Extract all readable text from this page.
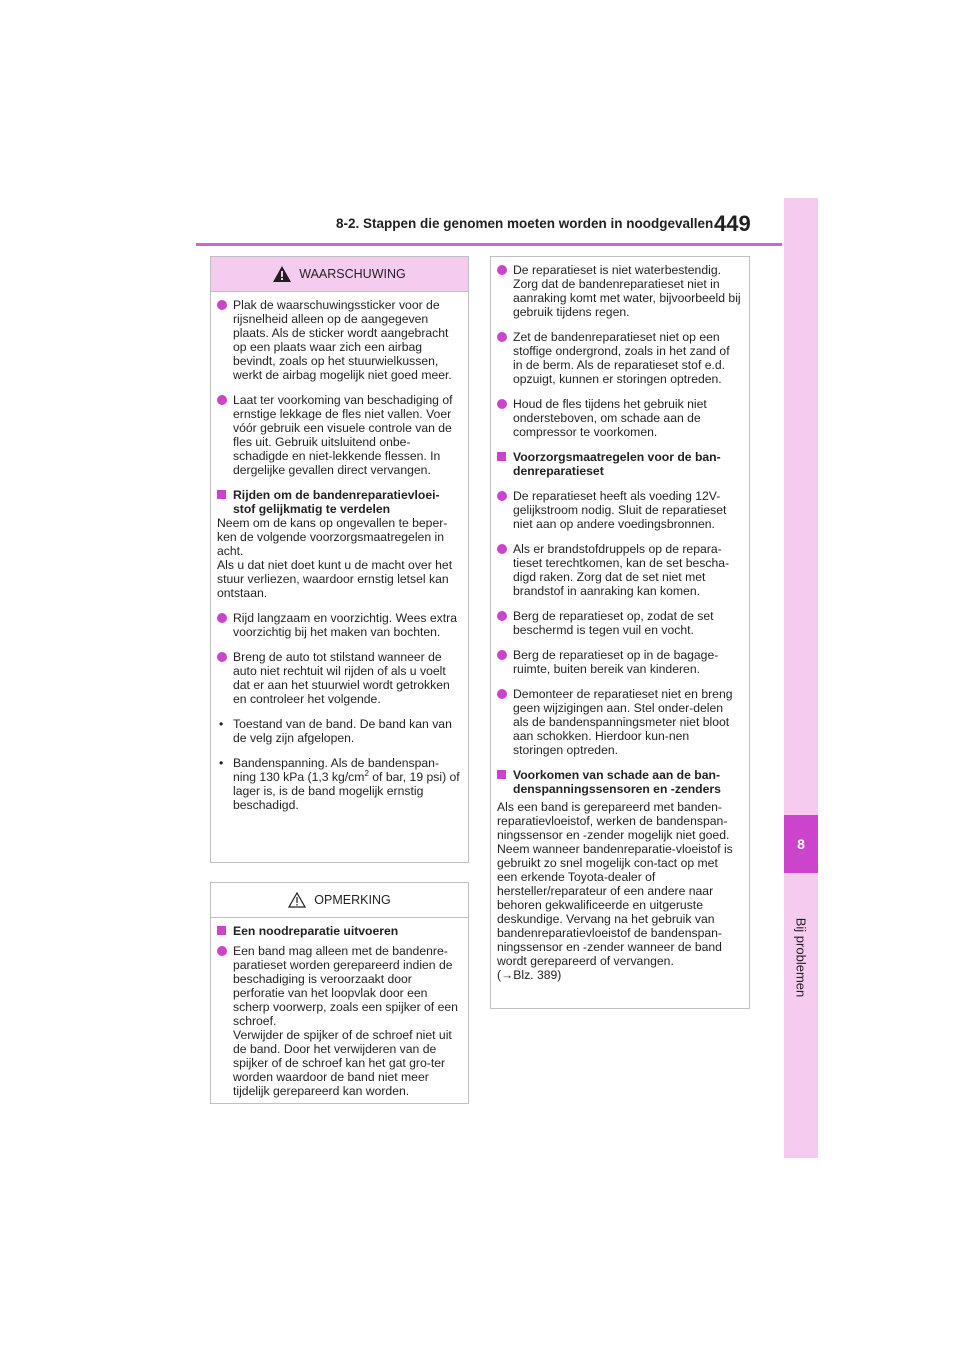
8-2. Stappen die genomen moeten worden in noodgevallen 449
8
Bij problemen
WAARSCHUWING
Plak de waarschuwingssticker voor de rijsnelheid alleen op de aangegeven plaats. Als de sticker wordt aangebracht op een plaats waar zich een airbag bevindt, zoals op het stuurwielkussen, werkt de airbag mogelijk niet goed meer.
Laat ter voorkoming van beschadiging of ernstige lekkage de fles niet vallen. Voer vóór gebruik een visuele controle van de fles uit. Gebruik uitsluitend onbe-schadigde en niet-lekkende flessen. In dergelijke gevallen direct vervangen.
Rijden om de bandenreparatievloei-stof gelijkmatig te verdelen
Neem om de kans op ongevallen te beper-ken de volgende voorzorgsmaatregelen in acht.
Als u dat niet doet kunt u de macht over het stuur verliezen, waardoor ernstig letsel kan ontstaan.
Rijd langzaam en voorzichtig. Wees extra voorzichtig bij het maken van bochten.
Breng de auto tot stilstand wanneer de auto niet rechtuit wil rijden of als u voelt dat er aan het stuurwiel wordt getrokken en controleer het volgende.
• Toestand van de band. De band kan van de velg zijn afgelopen.
• Bandenspanning. Als de bandenspan-ning 130 kPa (1,3 $kg/cm^2$ of bar, 19 psi) of lager is, is de band mogelijk ernstig beschadigd.
OPMERKING
Een noodreparatie uitvoeren
Een band mag alleen met de bandenre-paratieset worden gerepareerd indien de beschadiging is veroorzaakt door perforatie van het loopvlak door een scherp voorwerp, zoals een spijker of een schroef.
Verwijder de spijker of de schroef niet uit de band. Door het verwijderen van de spijker of de schroef kan het gat gro-ter worden waardoor de band niet meer tijdelijk gerepareerd kan worden.
De reparatieset is niet waterbestendig. Zorg dat de bandenreparatieset niet in aanraking komt met water, bijvoorbeeld bij gebruik tijdens regen.
Zet de bandenreparatieset niet op een stoffige ondergrond, zoals in het zand of in de berm. Als de reparatieset stof e.d. opzuigt, kunnen er storingen optreden.
Houd de fles tijdens het gebruik niet ondersteboven, om schade aan de compressor te voorkomen.
Voorzorgsmaatregelen voor de ban-denreparatieset
De reparatieset heeft als voeding 12V-gelijkstroom nodig. Sluit de reparatieset niet aan op andere voedingsbronnen.
Als er brandstofdruppels op de repara-tieset terechtkomen, kan de set bescha-digd raken. Zorg dat de set niet met brandstof in aanraking kan komen.
Berg de reparatieset op, zodat de set beschermd is tegen vuil en vocht.
Berg de reparatieset op in de bagage-ruimte, buiten bereik van kinderen.
Demonteer de reparatieset niet en breng geen wijzigingen aan. Stel onder-delen als de bandenspanningsmeter niet bloot aan schokken. Hierdoor kun-nen storingen optreden.
Voorkomen van schade aan de ban-denspanningssensoren en -zenders
Als een band is gerepareerd met banden-reparatievloeistof, werken de bandenspan-ningssensor en -zender mogelijk niet goed. Neem wanneer bandenreparatie-vloeistof is gebruikt zo snel mogelijk con-tact op met een erkende Toyota-dealer of hersteller/reparateur of een andere naar behoren gekwalificeerde en uitgeruste deskundige. Vervang na het gebruik van bandenreparatievloeistof de bandenspan-ningssensor en -zender wanneer de band wordt gerepareerd of vervangen.
(→Blz. 389)
